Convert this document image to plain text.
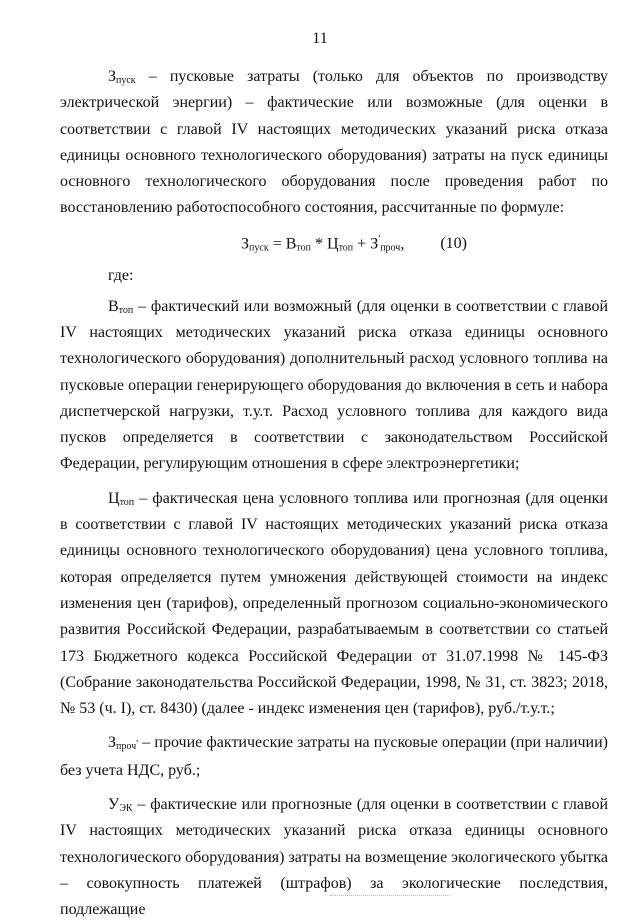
11

$З_{пуск}$ – пусковые затраты (только для объектов по производству электрической энергии) – фактические или возможные (для оценки в соответствии с главой IV настоящих методических указаний риска отказа единицы основного технологического оборудования) затраты на пуск единицы основного технологического оборудования после проведения работ по восстановлению работоспособного состояния, рассчитанные по формуле:

$З_{пуск} = В_{топ} * Ц_{топ} + З'_{проч}$, (10)

где:

$В_{топ}$ – фактический или возможный (для оценки в соответствии с главой IV настоящих методических указаний риска отказа единицы основного технологического оборудования) дополнительный расход условного топлива на пусковые операции генерирующего оборудования до включения в сеть и набора диспетчерской нагрузки, т.у.т. Расход условного топлива для каждого вида пусков определяется в соответствии с законодательством Российской Федерации, регулирующим отношения в сфере электроэнергетики;

$Ц_{топ}$ – фактическая цена условного топлива или прогнозная (для оценки в соответствии с главой IV настоящих методических указаний риска отказа единицы основного технологического оборудования) цена условного топлива, которая определяется путем умножения действующей стоимости на индекс изменения цен (тарифов), определенный прогнозом социально-экономического развития Российской Федерации, разрабатываемым в соответствии со статьей 173 Бюджетного кодекса Российской Федерации от 31.07.1998 № 145-ФЗ (Собрание законодательства Российской Федерации, 1998, № 31, ст. 3823; 2018, № 53 (ч. I), ст. 8430) (далее - индекс изменения цен (тарифов), руб./т.у.т.;

$З_{проч}'$ – прочие фактические затраты на пусковые операции (при наличии) без учета НДС, руб.;

$У_{ЭК}$ – фактические или прогнозные (для оценки в соответствии с главой IV настоящих методических указаний риска отказа единицы основного технологического оборудования) затраты на возмещение экологического убытка – совокупность платежей (штрафов) за экологические последствия, подлежащие
